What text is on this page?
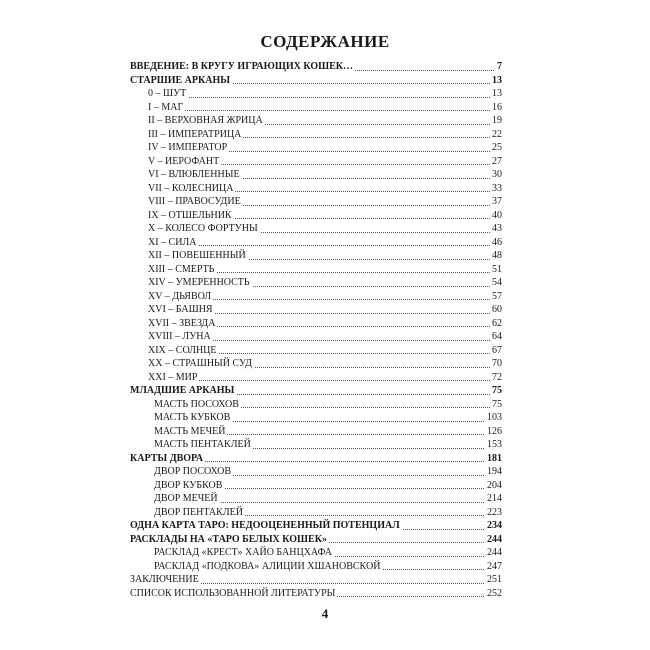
СОДЕРЖАНИЕ
ВВЕДЕНИЕ: В КРУГУ ИГРАЮЩИХ КОШЕК…	7
СТАРШИЕ АРКАНЫ	13
0 – ШУТ	13
I – МАГ	16
II – ВЕРХОВНАЯ ЖРИЦА	19
III – ИМПЕРАТРИЦА	22
IV – ИМПЕРАТОР	25
V – ИЕРОФАНТ	27
VI – ВЛЮБЛЕННЫЕ	30
VII – КОЛЕСНИЦА	33
VIII – ПРАВОСУДИЕ	37
IX – ОТШЕЛЬНИК	40
X – КОЛЕСО ФОРТУНЫ	43
XI – СИЛА	46
XII – ПОВЕШЕННЫЙ	48
XIII – СМЕРТЬ	51
XIV – УМЕРЕННОСТЬ	54
XV – ДЬЯВОЛ	57
XVI – БАШНЯ	60
XVII – ЗВЕЗДА	62
XVIII – ЛУНА	64
XIX – СОЛНЦЕ	67
XX – СТРАШНЫЙ СУД	70
XXI – МИР	72
МЛАДШИЕ АРКАНЫ	75
МАСТЬ ПОСОХОВ	75
МАСТЬ КУБКОВ	103
МАСТЬ МЕЧЕЙ	126
МАСТЬ ПЕНТАКЛЕЙ	153
КАРТЫ ДВОРА	181
ДВОР ПОСОХОВ	194
ДВОР КУБКОВ	204
ДВОР МЕЧЕЙ	214
ДВОР ПЕНТАКЛЕЙ	223
ОДНА КАРТА ТАРО: НЕДООЦЕНЕННЫЙ ПОТЕНЦИАЛ	234
РАСКЛАДЫ НА «ТАРО БЕЛЫХ КОШЕК»	244
РАСКЛАД «КРЕСТ» ХАЙО БАНЦХАФА	244
РАСКЛАД «ПОДКОВА» АЛИЦИИ ХШАНОВСКОЙ	247
ЗАКЛЮЧЕНИЕ	251
СПИСОК ИСПОЛЬЗОВАННОЙ ЛИТЕРАТУРЫ	252
4
